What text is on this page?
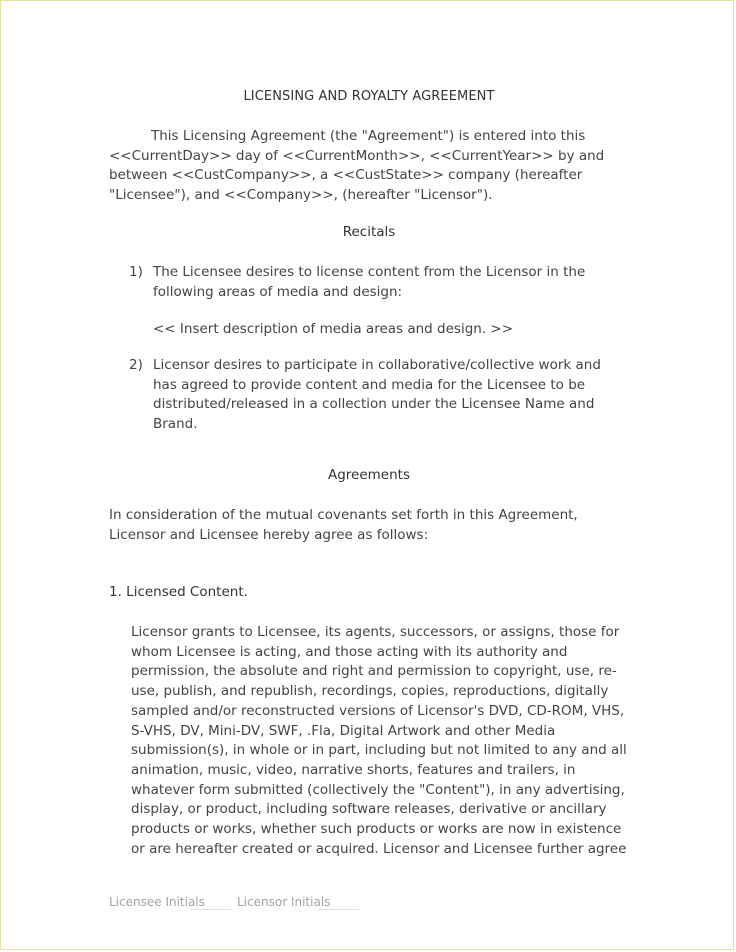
LICENSING AND ROYALTY AGREEMENT

This Licensing Agreement (the "Agreement") is entered into this <<CurrentDay>> day of <<CurrentMonth>>, <<CurrentYear>> by and between <<CustCompany>>, a <<CustState>> company (hereafter "Licensee"), and <<Company>>, (hereafter "Licensor").

Recitals

1) The Licensee desires to license content from the Licensor in the following areas of media and design:

<< Insert description of media areas and design. >>

2) Licensor desires to participate in collaborative/collective work and has agreed to provide content and media for the Licensee to be distributed/released in a collection under the Licensee Name and Brand.

Agreements

In consideration of the mutual covenants set forth in this Agreement, Licensor and Licensee hereby agree as follows:

1. Licensed Content.

Licensor grants to Licensee, its agents, successors, or assigns, those for whom Licensee is acting, and those acting with its authority and permission, the absolute and right and permission to copyright, use, re-use, publish, and republish, recordings, copies, reproductions, digitally sampled and/or reconstructed versions of Licensor's DVD, CD-ROM, VHS, S-VHS, DV, Mini-DV, SWF, .Fla, Digital Artwork and other Media submission(s), in whole or in part, including but not limited to any and all animation, music, video, narrative shorts, features and trailers, in whatever form submitted (collectively the "Content"), in any advertising, display, or product, including software releases, derivative or ancillary products or works, whether such products or works are now in existence or are hereafter created or acquired. Licensor and Licensee further agree

Licensee Initials	Licensor Initials
